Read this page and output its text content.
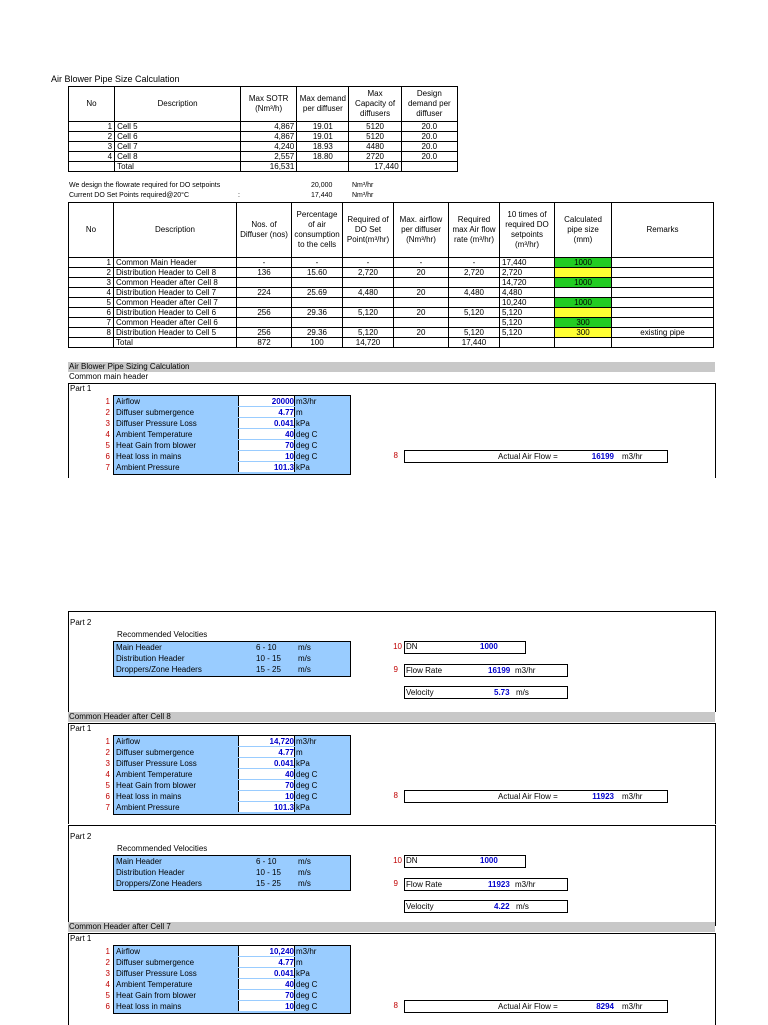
Air Blower Pipe Size Calculation
No	Description	Max SOTR (Nm³/h)	Max demand per diffuser	Max Capacity of diffusers	Design demand per diffuser
1	Cell 5	4,867	19.01	5120	20.0
2	Cell 6	4,867	19.01	5120	20.0
3	Cell 7	4,240	18.93	4480	20.0
4	Cell 8	2,557	18.80	2720	20.0
	Total	16,531		17,440	
We design the flowrate required for DO setpoints	20,000	Nm³/hr
Current DO Set Points required@20°C	:	17,440	Nm³/hr
No	Description	Nos. of Diffuser (nos)	Percentage of air consumption to the cells	Required of DO Set Point(m³/hr)	Max. airflow per diffuser (Nm³/hr)	Required max Air flow rate (m³/hr)	10 times of required DO setpoints (m³/hr)	Calculated pipe size (mm)	Remarks
1	Common Main Header	-	-	-	-	-	17,440	1000	
2	Distribution Header to Cell 8	136	15.60	2,720	20	2,720	2,720		
3	Common Header after Cell 8						14,720	1000	
4	Distribution Header to Cell 7	224	25.69	4,480	20	4,480	4,480		
5	Common Header after Cell 7						10,240	1000	
6	Distribution Header to Cell 6	256	29.36	5,120	20	5,120	5,120		
7	Common Header after Cell 6						5,120	300	
8	Distribution Header to Cell 5	256	29.36	5,120	20	5,120	5,120	300	existing pipe
	Total	872	100	14,720		17,440			
Air Blower Pipe Sizing Calculation
Common main header
Part 1
1 Airflow	20000 m3/hr
2 Diffuser submergence	4.77 m
3 Diffuser Pressure Loss	0.041 kPa
4 Ambient Temperature	40 deg C
5 Heat Gain from blower	70 deg C
6 Heat loss in mains	10 deg C
7 Ambient Pressure	101.3 kPa
8	Actual Air Flow =	16199 m3/hr
Part 2
Recommended Velocities
Main Header	6 - 10	m/s
Distribution Header	10 - 15 m/s
Droppers/Zone Headers	15 - 25 m/s
10 DN	1000
9 Flow Rate	16199 m3/hr
Velocity	5.73 m/s
Common Header after Cell 8
Part 1
1 Airflow	14,720 m3/hr
2 Diffuser submergence	4.77 m
3 Diffuser Pressure Loss	0.041 kPa
4 Ambient Temperature	40 deg C
5 Heat Gain from blower	70 deg C
6 Heat loss in mains	10 deg C
7 Ambient Pressure	101.3 kPa
8	Actual Air Flow =	11923 m3/hr
Part 2
Recommended Velocities
Main Header	6 - 10	m/s
Distribution Header	10 - 15 m/s
Droppers/Zone Headers	15 - 25 m/s
10 DN	1000
9 Flow Rate	11923 m3/hr
Velocity	4.22 m/s
Common Header after Cell 7
Part 1
1 Airflow	10,240 m3/hr
2 Diffuser submergence	4.77 m
3 Diffuser Pressure Loss	0.041 kPa
4 Ambient Temperature	40 deg C
5 Heat Gain from blower	70 deg C
6 Heat loss in mains	10 deg C	8	Actual Air Flow =	8294 m3/hr
